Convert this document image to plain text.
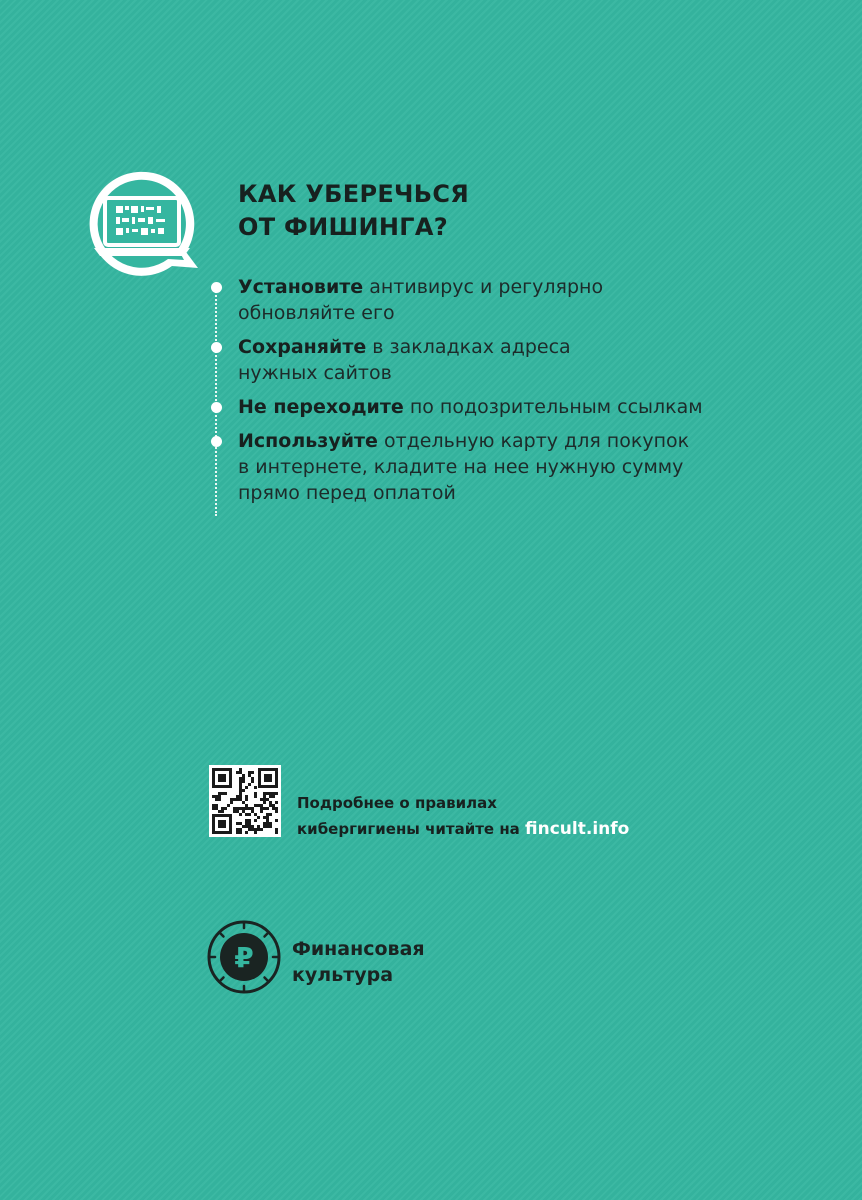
КАК УБЕРЕЧЬСЯ
ОТ ФИШИНГА?
Установите антивирус и регулярно
обновляйте его
Сохраняйте в закладках адреса
нужных сайтов
Не переходите по подозрительным ссылкам
Используйте отдельную карту для покупок
в интернете, кладите на нее нужную сумму
прямо перед оплатой
Подробнее о правилах
кибергигиены читайте на fincult.info
₽ Финансовая
культура
